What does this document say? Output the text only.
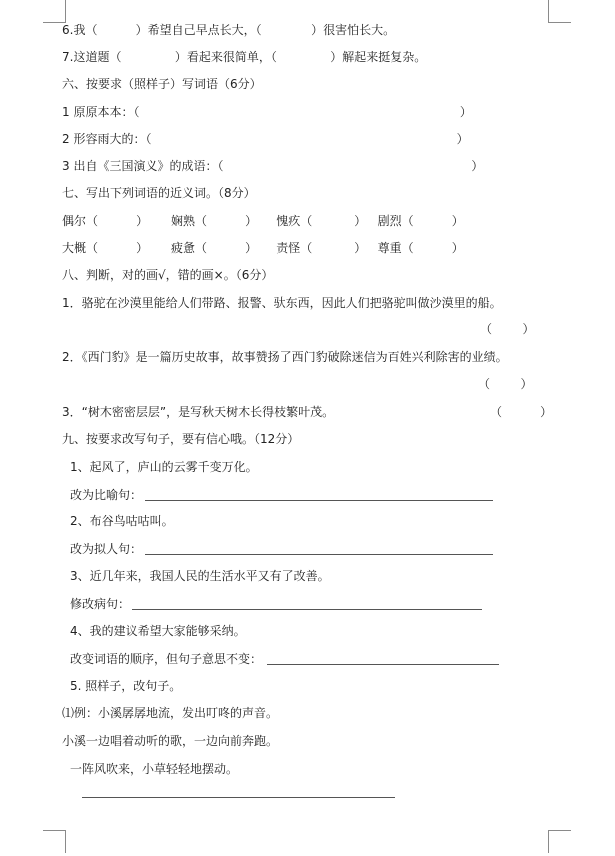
6.我（          ）希望自己早点长大，（             ）很害怕长大。
7.这道题（              ）看起来很简单，（              ）解起来挺复杂。
六、按要求（照样子）写词语（6分）
1 原原本本：（                                                                                    ）
2 形容雨大的：（                                                                                ）
3 出自《三国演义》的成语：（                                                                 ）
七、写出下列词语的近义词。（8分）
偶尔（          ）      娴熟（          ）     愧疚（           ）   剧烈（          ）
大概（          ）      疲惫（          ）     责怪（           ）   尊重（          ）
八、判断，对的画√，错的画×。（6分）
1．骆驼在沙漠里能给人们带路、报警、驮东西，因此人们把骆驼叫做沙漠里的船。
（        ）
2．《西门豹》是一篇历史故事，故事赞扬了西门豹破除迷信为百姓兴利除害的业绩。
（        ）
3．“树木密密层层”，是写秋天树木长得枝繁叶茂。	（          ）
九、按要求改写句子，要有信心哦。（12分）
1、起风了，庐山的云雾千变万化。
改为比喻句：
2、布谷鸟咕咕叫。
改为拟人句：
3、近几年来，我国人民的生活水平又有了改善。
修改病句：
4、我的建议希望大家能够采纳。
改变词语的顺序，但句子意思不变：
5. 照样子，改句子。
⑴例：小溪孱孱地流，发出叮咚的声音。
小溪一边唱着动听的歌，一边向前奔跑。
一阵风吹来，小草轻轻地摆动。
